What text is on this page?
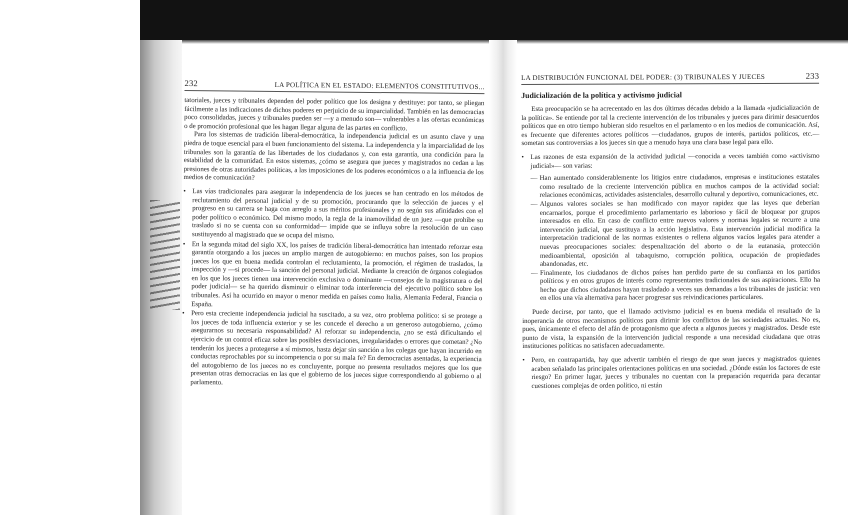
232	LA POLÍTICA EN EL ESTADO: ELEMENTOS CONSTITUTIVOS...

tatoriales, jueces y tribunales dependen del poder político que los designa y destituye: por tanto, se pliegan fácilmente a las indicaciones de dichos poderes en perjuicio de su imparcialidad. También en las democracias poco consolidadas, jueces y tribunales pueden ser —y a menudo son— vulnerables a las ofertas económicas o de promoción profesional que les hagan llegar alguna de las partes en conflicto.

Para los sistemas de tradición liberal-democrática, la independencia judicial es un asunto clave y una piedra de toque esencial para el buen funcionamiento del sistema. La independencia y la imparcialidad de los tribunales son la garantía de las libertades de los ciudadanos y, con esta garantía, una condición para la estabilidad de la comunidad. En estos sistemas, ¿cómo se asegura que jueces y magistrados no cedan a las presiones de otras autoridades políticas, a las imposiciones de los poderes económicos o a la influencia de los medios de comunicación?

• Las vías tradicionales para asegurar la independencia de los jueces se han centrado en los métodos de reclutamiento del personal judicial y de su promoción, procurando que la selección de jueces y el progreso en su carrera se haga con arreglo a sus méritos profesionales y no según sus afinidades con el poder político o económico. Del mismo modo, la regla de la inamovilidad de un juez —que prohíbe su traslado si no se cuenta con su conformidad— impide que se influya sobre la resolución de un caso sustituyendo al magistrado que se ocupa del mismo.
• En la segunda mitad del siglo XX, los países de tradición liberal-democrática han intentado reforzar esta garantía otorgando a los jueces un amplio margen de autogobierno: en muchos países, son los propios jueces los que en buena medida controlan el reclutamiento, la promoción, el régimen de traslados, la inspección y —si procede— la sanción del personal judicial. Mediante la creación de órganos colegiados en los que los jueces tienen una intervención exclusiva o dominante —consejos de la magistratura o del poder judicial— se ha querido disminuir o eliminar toda interferencia del ejecutivo político sobre los tribunales. Así ha ocurrido en mayor o menor medida en países como Italia, Alemania Federal, Francia o España.
• Pero esta creciente independencia judicial ha suscitado, a su vez, otro problema político: si se protege a los jueces de toda influencia exterior y se les concede el derecho a un generoso autogobierno, ¿cómo asegurarnos su necesaria responsabilidad? Al reforzar su independencia, ¿no se está dificultando el ejercicio de un control eficaz sobre las posibles desviaciones, irregularidades o errores que cometan? ¿No tenderán los jueces a protegerse a sí mismos, hasta dejar sin sanción a los colegas que hayan incurrido en conductas reprochables por su incompetencia o por su mala fe? En democracias asentadas, la experiencia del autogobierno de los jueces no es concluyente, porque no presenta resultados mejores que los que presentan otras democracias en las que el gobierno de los jueces sigue correspondiendo al gobierno o al parlamento.
LA DISTRIBUCIÓN FUNCIONAL DEL PODER: (3) TRIBUNALES Y JUECES	233
Judicialización de la política y activismo judicial

Esta preocupación se ha acrecentado en las dos últimas décadas debido a la llamada «judicialización de la política». Se entiende por tal la creciente intervención de los tribunales y jueces para dirimir desacuerdos políticos que en otro tiempo hubieran sido resueltos en el parlamento o en los medios de comunicación. Así, es frecuente que diferentes actores políticos —ciudadanos, grupos de interés, partidos políticos, etc.— sometan sus controversias a los jueces sin que a menudo haya una clara base legal para ello.

• Las razones de esta expansión de la actividad judicial —conocida a veces también como «activismo judicial»— son varias:
— Han aumentado considerablemente los litigios entre ciudadanos, empresas e instituciones estatales como resultado de la creciente intervención pública en muchos campos de la actividad social: relaciones económicas, actividades asistenciales, desarrollo cultural y deportivo, comunicaciones, etc.
— Algunos valores sociales se han modificado con mayor rapidez que las leyes que deberían encarnarlos, porque el procedimiento parlamentario es laborioso y fácil de bloquear por grupos interesados en ello. En caso de conflicto entre nuevos valores y normas legales se recurre a una intervención judicial, que sustituya a la acción legislativa. Esta intervención judicial modifica la interpretación tradicional de las normas existentes o rellena algunos vacíos legales para atender a nuevas preocupaciones sociales: despenalización del aborto o de la eutanasia, protección medioambiental, oposición al tabaquismo, corrupción política, ocupación de propiedades abandonadas, etc.
— Finalmente, los ciudadanos de dichos países han perdido parte de su confianza en los partidos políticos y en otros grupos de interés como representantes tradicionales de sus aspiraciones. Ello ha hecho que dichos ciudadanos hayan trasladado a veces sus demandas a los tribunales de justicia: ven en ellos una vía alternativa para hacer progresar sus reivindicaciones particulares.

Puede decirse, por tanto, que el llamado activismo judicial es en buena medida el resultado de la inoperancia de otros mecanismos políticos para dirimir los conflictos de las sociedades actuales. No es, pues, únicamente el efecto del afán de protagonismo que afecta a algunos jueces y magistrados. Desde este punto de vista, la expansión de la intervención judicial responde a una necesidad ciudadana que otras instituciones políticas no satisfacen adecuadamente.

• Pero, en contrapartida, hay que advertir también el riesgo de que sean jueces y magistrados quienes acaben señalado las principales orientaciones políticas en una sociedad. ¿Dónde están los factores de este riesgo? En primer lugar, jueces y tribunales no cuentan con la preparación requerida para decantar cuestiones complejas de orden político, ni están
